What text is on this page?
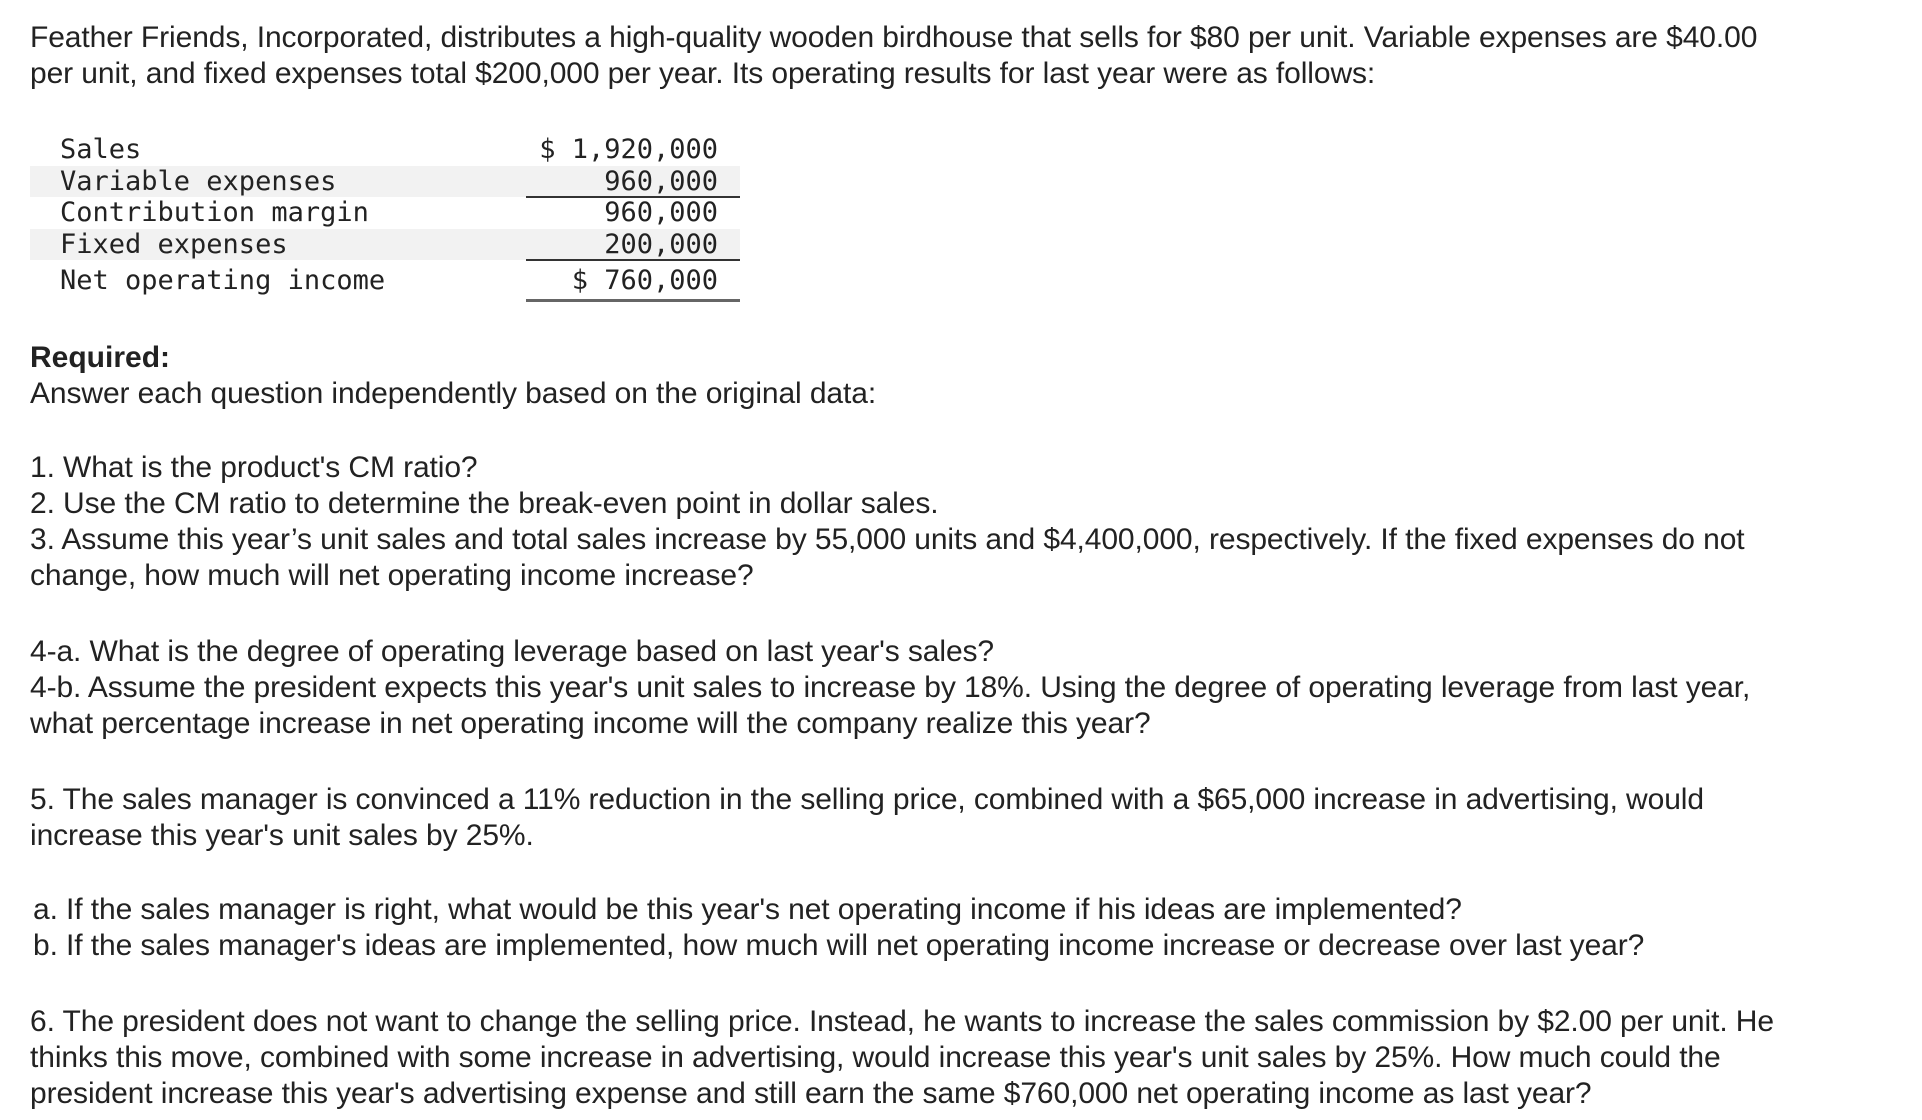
Feather Friends, Incorporated, distributes a high-quality wooden birdhouse that sells for $80 per unit. Variable expenses are $40.00

per unit, and fixed expenses total $200,000 per year. Its operating results for last year were as follows:

Sales	$ 1,920,000
Variable expenses	960,000
Contribution margin	960,000
Fixed expenses	200,000
Net operating income	$ 760,000
Required:

Answer each question independently based on the original data:

1. What is the product's CM ratio?

2. Use the CM ratio to determine the break-even point in dollar sales.

3. Assume this year’s unit sales and total sales increase by 55,000 units and $4,400,000, respectively. If the fixed expenses do not

change, how much will net operating income increase?

4-a. What is the degree of operating leverage based on last year's sales?

4-b. Assume the president expects this year's unit sales to increase by 18%. Using the degree of operating leverage from last year,

what percentage increase in net operating income will the company realize this year?

5. The sales manager is convinced a 11% reduction in the selling price, combined with a $65,000 increase in advertising, would

increase this year's unit sales by 25%.

a. If the sales manager is right, what would be this year's net operating income if his ideas are implemented?

b. If the sales manager's ideas are implemented, how much will net operating income increase or decrease over last year?

6. The president does not want to change the selling price. Instead, he wants to increase the sales commission by $2.00 per unit. He

thinks this move, combined with some increase in advertising, would increase this year's unit sales by 25%. How much could the

president increase this year's advertising expense and still earn the same $760,000 net operating income as last year?
